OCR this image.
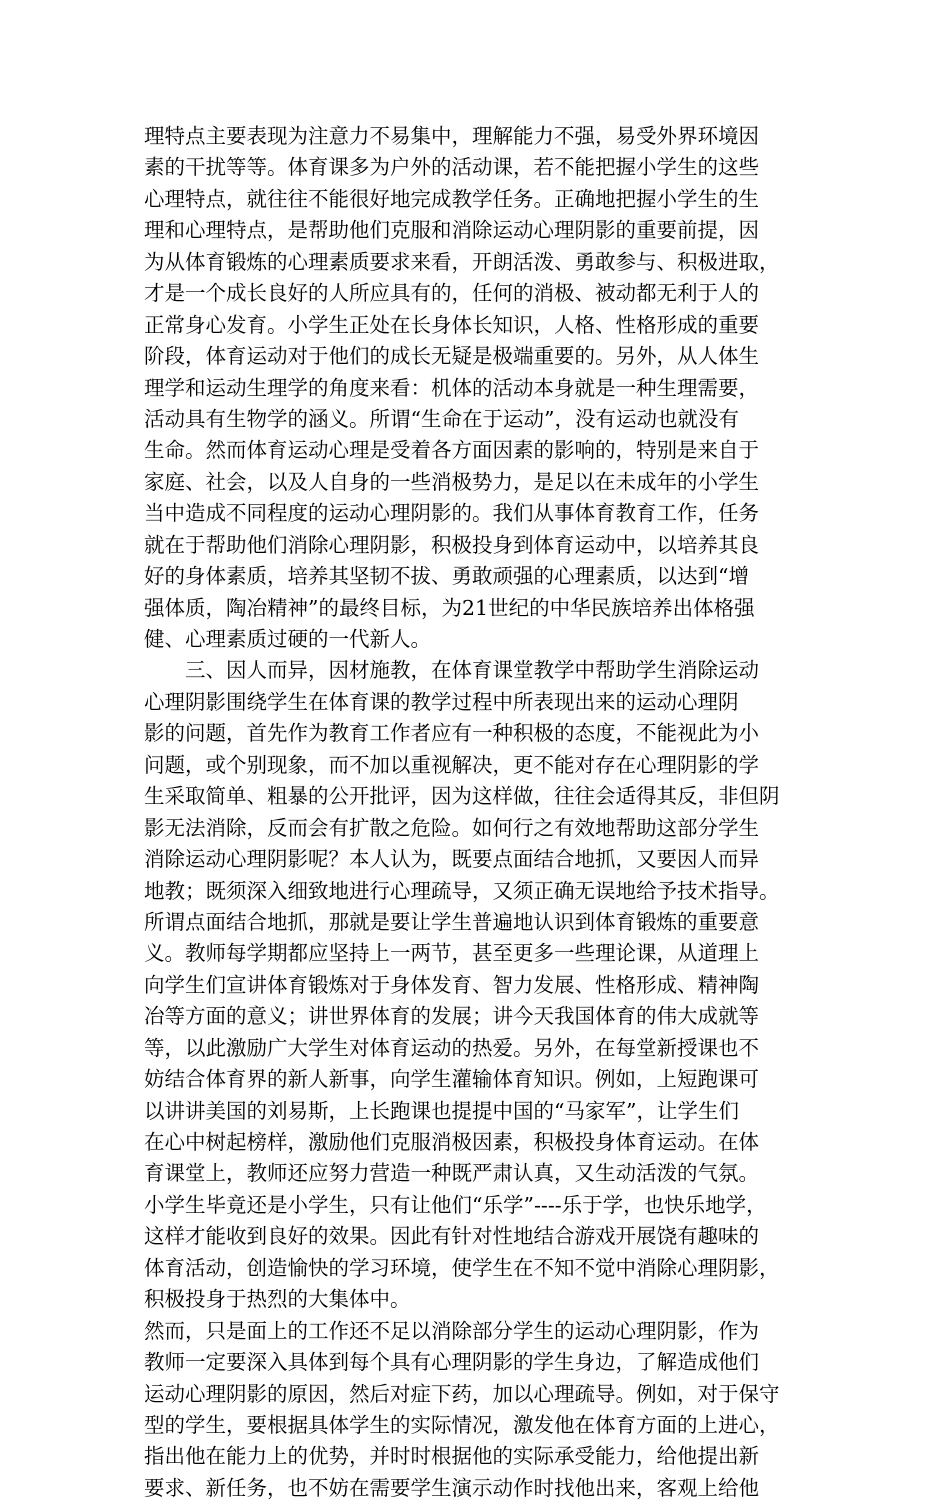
理特点主要表现为注意力不易集中，理解能力不强，易受外界环境因
素的干扰等等。体育课多为户外的活动课，若不能把握小学生的这些
心理特点，就往往不能很好地完成教学任务。正确地把握小学生的生
理和心理特点，是帮助他们克服和消除运动心理阴影的重要前提，因
为从体育锻炼的心理素质要求来看，开朗活泼、勇敢参与、积极进取，
才是一个成长良好的人所应具有的，任何的消极、被动都无利于人的
正常身心发育。小学生正处在长身体长知识，人格、性格形成的重要
阶段，体育运动对于他们的成长无疑是极端重要的。另外，从人体生
理学和运动生理学的角度来看：机体的活动本身就是一种生理需要，
活动具有生物学的涵义。所谓“生命在于运动”，没有运动也就没有
生命。然而体育运动心理是受着各方面因素的影响的，特别是来自于
家庭、社会，以及人自身的一些消极势力，是足以在未成年的小学生
当中造成不同程度的运动心理阴影的。我们从事体育教育工作，任务
就在于帮助他们消除心理阴影，积极投身到体育运动中，以培养其良
好的身体素质，培养其坚韧不拔、勇敢顽强的心理素质，以达到“增
强体质，陶冶精神”的最终目标，为21世纪的中华民族培养出体格强
健、心理素质过硬的一代新人。
　　三、因人而异，因材施教，在体育课堂教学中帮助学生消除运动
心理阴影围绕学生在体育课的教学过程中所表现出来的运动心理阴
影的问题，首先作为教育工作者应有一种积极的态度，不能视此为小
问题，或个别现象，而不加以重视解决，更不能对存在心理阴影的学
生采取简单、粗暴的公开批评，因为这样做，往往会适得其反，非但阴
影无法消除，反而会有扩散之危险。如何行之有效地帮助这部分学生
消除运动心理阴影呢？本人认为，既要点面结合地抓，又要因人而异
地教；既须深入细致地进行心理疏导，又须正确无误地给予技术指导。
所谓点面结合地抓，那就是要让学生普遍地认识到体育锻炼的重要意
义。教师每学期都应坚持上一两节，甚至更多一些理论课，从道理上
向学生们宣讲体育锻炼对于身体发育、智力发展、性格形成、精神陶
冶等方面的意义；讲世界体育的发展；讲今天我国体育的伟大成就等
等，以此激励广大学生对体育运动的热爱。另外，在每堂新授课也不
妨结合体育界的新人新事，向学生灌输体育知识。例如，上短跑课可
以讲讲美国的刘易斯，上长跑课也提提中国的“马家军”，让学生们
在心中树起榜样，激励他们克服消极因素，积极投身体育运动。在体
育课堂上，教师还应努力营造一种既严肃认真，又生动活泼的气氛。
小学生毕竟还是小学生，只有让他们“乐学”----乐于学，也快乐地学，
这样才能收到良好的效果。因此有针对性地结合游戏开展饶有趣味的
体育活动，创造愉快的学习环境，使学生在不知不觉中消除心理阴影，
积极投身于热烈的大集体中。
然而，只是面上的工作还不足以消除部分学生的运动心理阴影，作为
教师一定要深入具体到每个具有心理阴影的学生身边，了解造成他们
运动心理阴影的原因，然后对症下药，加以心理疏导。例如，对于保守
型的学生，要根据具体学生的实际情况，激发他在体育方面的上进心，
指出他在能力上的优势，并时时根据他的实际承受能力，给他提出新
要求、新任务，也不妨在需要学生演示动作时找他出来，客观上给他
